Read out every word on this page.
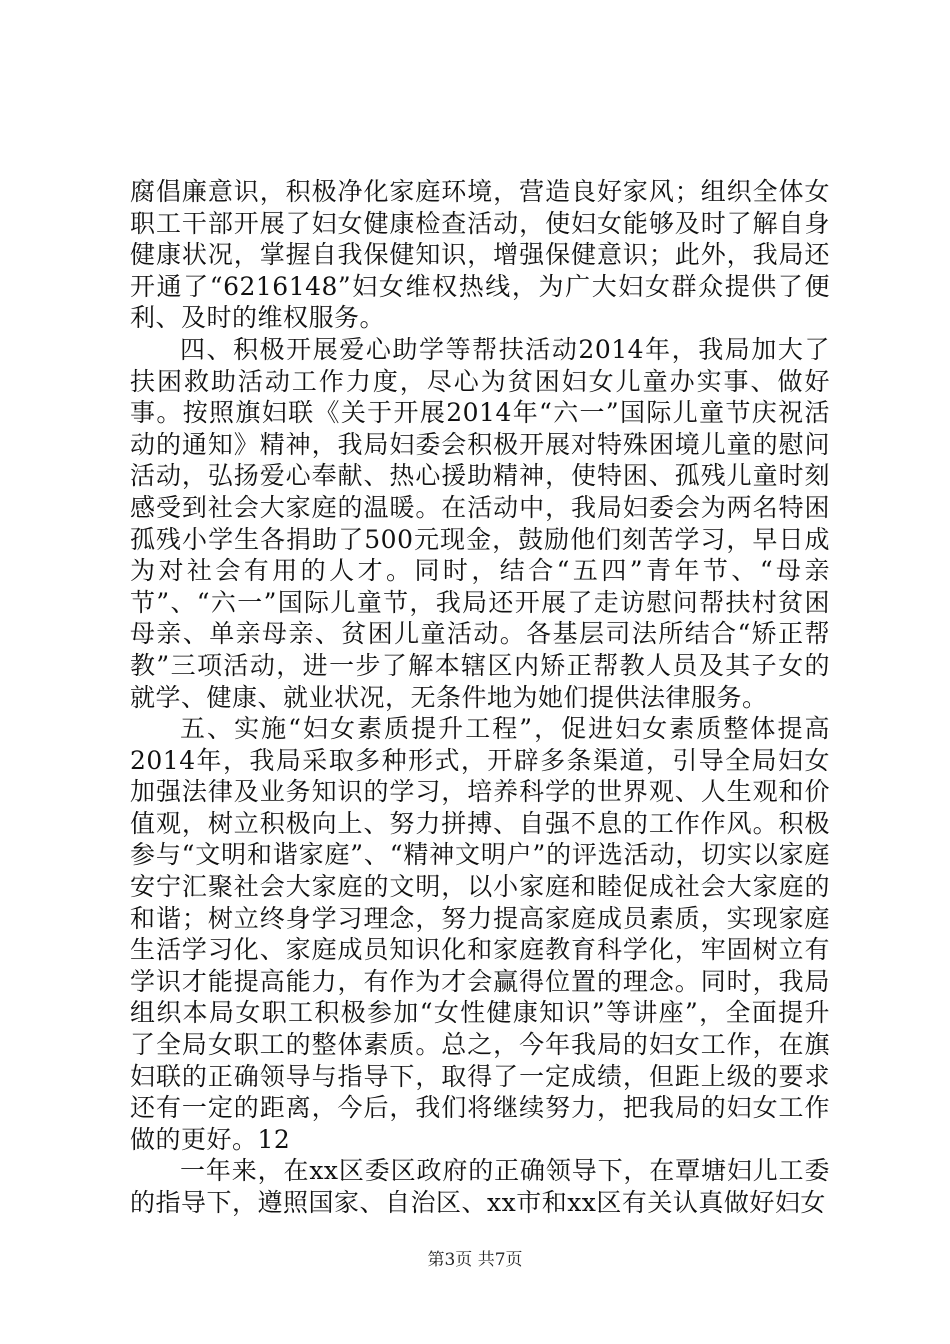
腐倡廉意识，积极净化家庭环境，营造良好家风；组织全体女职工干部开展了妇女健康检查活动，使妇女能够及时了解自身健康状况，掌握自我保健知识，增强保健意识；此外，我局还开通了“6216148”妇女维权热线，为广大妇女群众提供了便利、及时的维权服务。

四、积极开展爱心助学等帮扶活动2014年，我局加大了扶困救助活动工作力度，尽心为贫困妇女儿童办实事、做好事。按照旗妇联《关于开展2014年“六一”国际儿童节庆祝活动的通知》精神，我局妇委会积极开展对特殊困境儿童的慰问活动，弘扬爱心奉献、热心援助精神，使特困、孤残儿童时刻感受到社会大家庭的温暖。在活动中，我局妇委会为两名特困孤残小学生各捐助了500元现金，鼓励他们刻苦学习，早日成为对社会有用的人才。同时，结合“五四”青年节、“母亲节”、“六一”国际儿童节，我局还开展了走访慰问帮扶村贫困母亲、单亲母亲、贫困儿童活动。各基层司法所结合“矫正帮教”三项活动，进一步了解本辖区内矫正帮教人员及其子女的就学、健康、就业状况，无条件地为她们提供法律服务。

五、实施“妇女素质提升工程”，促进妇女素质整体提高2014年，我局采取多种形式，开辟多条渠道，引导全局妇女加强法律及业务知识的学习，培养科学的世界观、人生观和价值观，树立积极向上、努力拼搏、自强不息的工作作风。积极参与“文明和谐家庭”、“精神文明户”的评选活动，切实以家庭安宁汇聚社会大家庭的文明，以小家庭和睦促成社会大家庭的和谐；树立终身学习理念，努力提高家庭成员素质，实现家庭生活学习化、家庭成员知识化和家庭教育科学化，牢固树立有学识才能提高能力，有作为才会赢得位置的理念。同时，我局组织本局女职工积极参加“女性健康知识”等讲座”，全面提升了全局女职工的整体素质。总之，今年我局的妇女工作，在旗妇联的正确领导与指导下，取得了一定成绩，但距上级的要求还有一定的距离，今后，我们将继续努力，把我局的妇女工作做的更好。12

一年来，在xx区委区政府的正确领导下，在覃塘妇儿工委的指导下，遵照国家、自治区、xx市和xx区有关认真做好妇女

第3页 共7页
